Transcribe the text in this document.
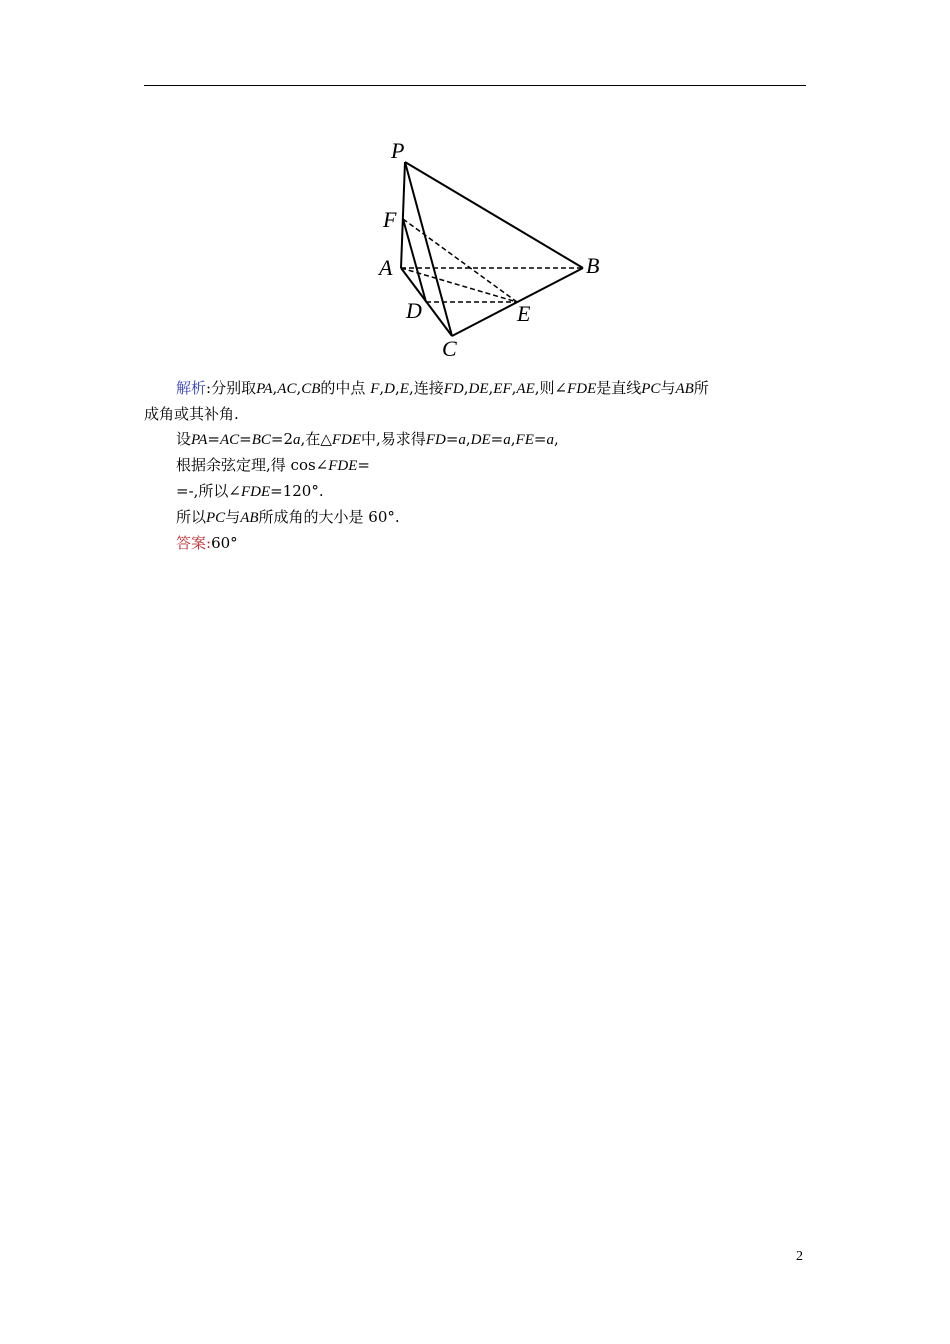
P
F
A	B
D	E
C
解析:分别取PA,AC,CB的中点 F,D,E,连接FD,DE,EF,AE,则∠FDE是直线PC与AB所
成角或其补角.
设PA=AC=BC=2a,在△FDE中,易求得FD=a,DE=a,FE=a,
根据余弦定理,得 cos∠FDE=
=-,所以∠FDE=120°.
所以PC与AB所成角的大小是 60°.
答案:60°
2
